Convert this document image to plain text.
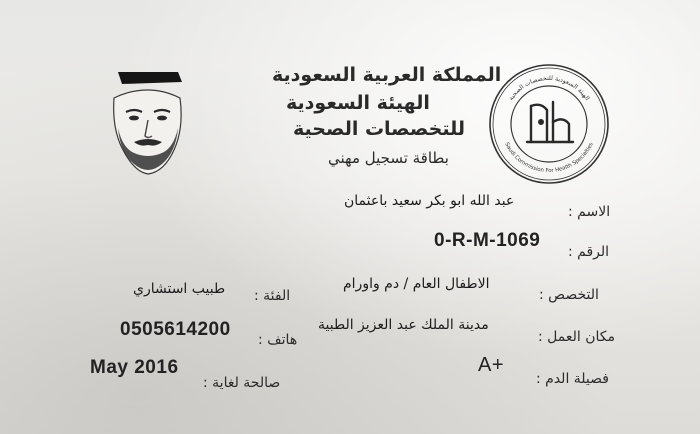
المملكة العربية السعودية
الهيئة السعودية
للتخصصات الصحية
بطاقة تسجيل مهني
الهيئة السعودية للتخصصات الصحية
Saudi Commission For Health Specialties
الاسم :
عبد الله ابو بكر سعيد باعثمان
الرقم :
0-R-M-1069
التخصص :
الاطفال العام / دم واورام
الفئة :
طبيب استشاري
مكان العمل :
مدينة الملك عبد العزيز الطبية
هاتف :
0505614200
فصيلة الدم :
A+
صالحة لغاية :
May 2016
